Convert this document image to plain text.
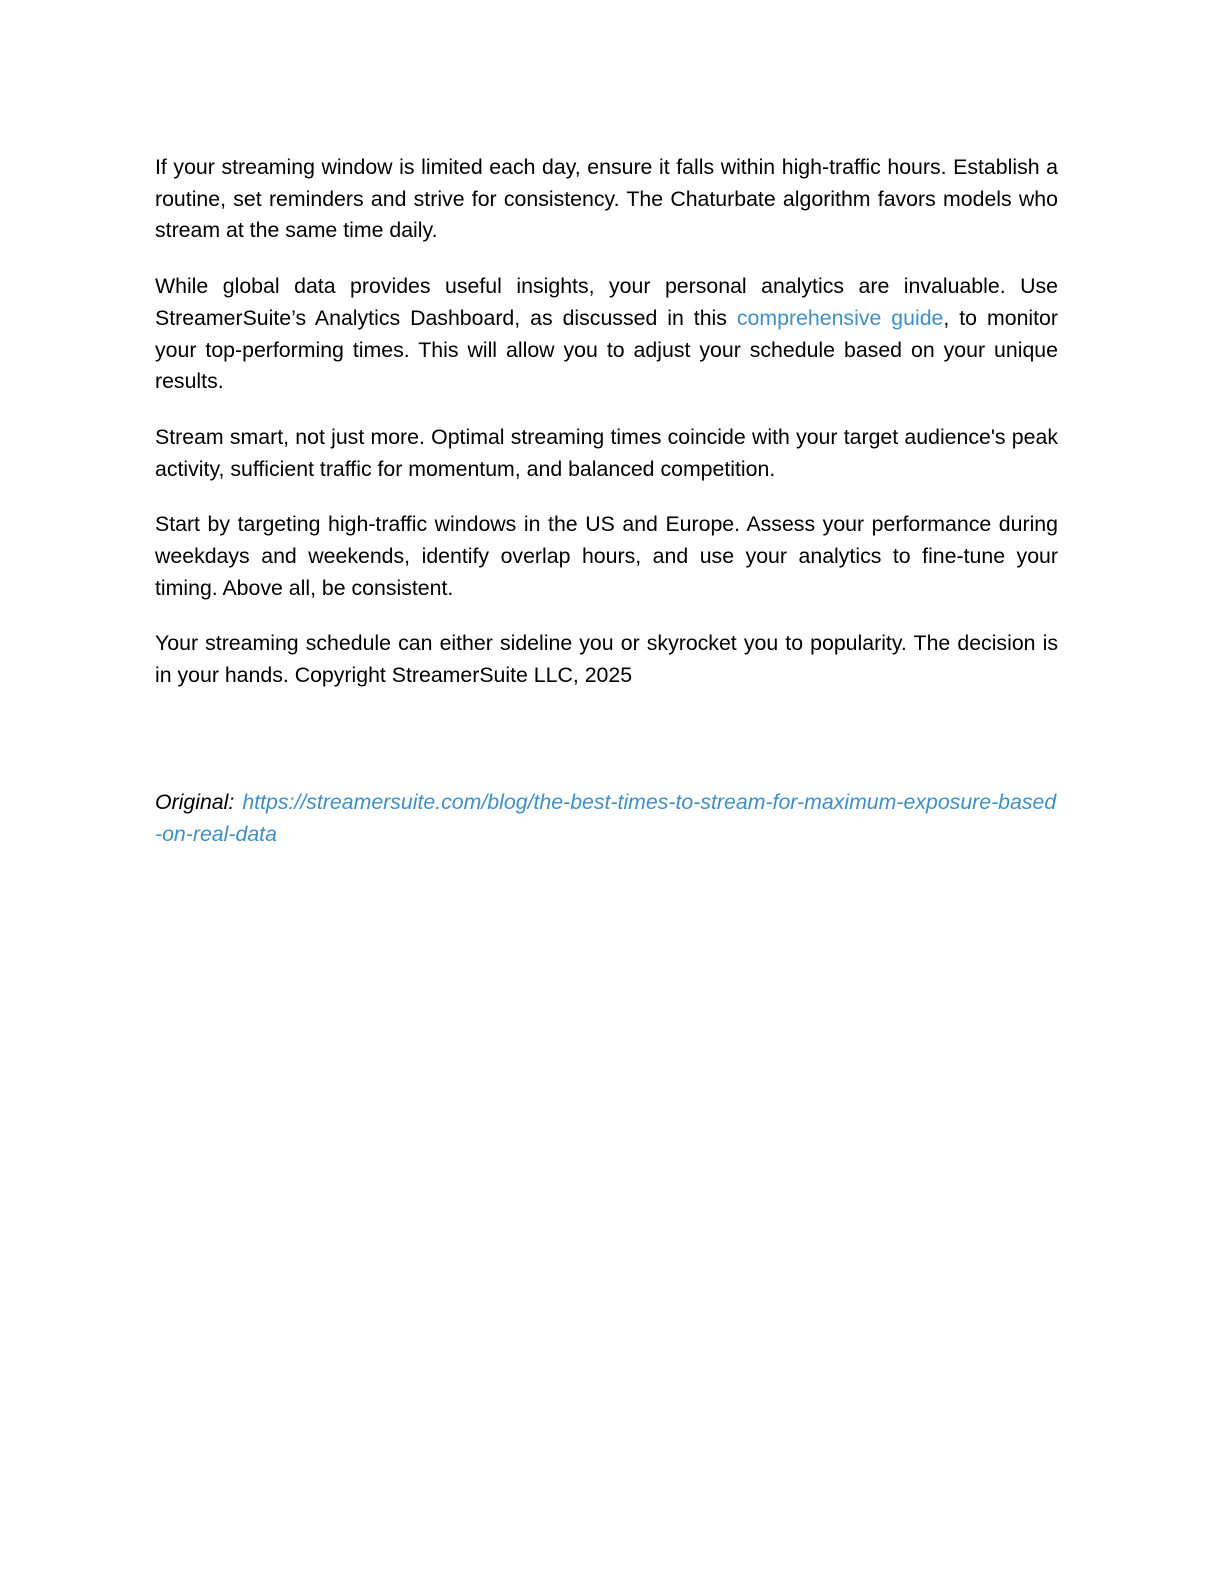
If your streaming window is limited each day, ensure it falls within high-traffic hours. Establish a routine, set reminders and strive for consistency. The Chaturbate algorithm favors models who stream at the same time daily.

While global data provides useful insights, your personal analytics are invaluable. Use StreamerSuite’s Analytics Dashboard, as discussed in this comprehensive guide, to monitor your top-performing times. This will allow you to adjust your schedule based on your unique results.

Stream smart, not just more. Optimal streaming times coincide with your target audience's peak activity, sufficient traffic for momentum, and balanced competition.

Start by targeting high-traffic windows in the US and Europe. Assess your performance during weekdays and weekends, identify overlap hours, and use your analytics to fine-tune your timing. Above all, be consistent.

Your streaming schedule can either sideline you or skyrocket you to popularity. The decision is in your hands. Copyright StreamerSuite LLC, 2025

Original: https://streamersuite.com/blog/the-best-times-to-stream-for-maximum-exposure-based-on-real-data
